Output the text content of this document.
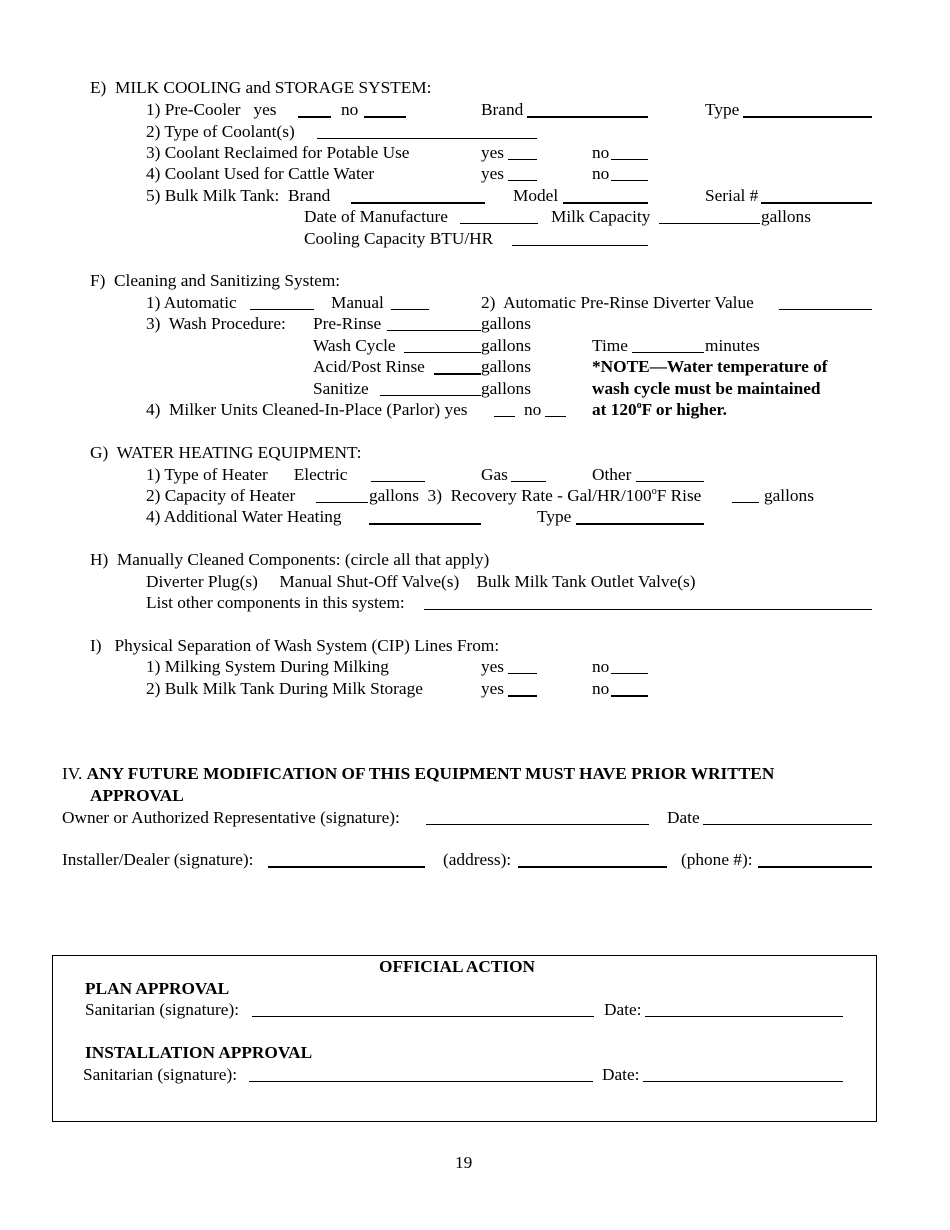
E)  MILK COOLING and STORAGE SYSTEM:
1) Pre-Cooler   yes	no	Brand	Type
2) Type of Coolant(s)
3) Coolant Reclaimed for Potable Use	yes	no
4) Coolant Used for Cattle Water	yes	no
5) Bulk Milk Tank:  Brand	Model	Serial #
Date of Manufacture	Milk Capacity	gallons
Cooling Capacity BTU/HR
F)  Cleaning and Sanitizing System:
1) Automatic	Manual	2)  Automatic Pre-Rinse Diverter Value
3)  Wash Procedure: Pre-Rinse	gallons
Wash Cycle	gallons	Time	minutes
Acid/Post Rinse	gallons	*NOTE—Water temperature of
Sanitize	gallons	wash cycle must be maintained
4)  Milker Units Cleaned-In-Place (Parlor) yes	no	at 120$^o$F or higher.
G)  WATER HEATING EQUIPMENT:
1) Type of Heater      Electric	Gas	Other
2) Capacity of Heater	gallons  3)  Recovery Rate - Gal/HR/100$^o$F Rise	gallons
4) Additional Water Heating	Type
H)  Manually Cleaned Components: (circle all that apply)
Diverter Plug(s)     Manual Shut-Off Valve(s)    Bulk Milk Tank Outlet Valve(s)
List other components in this system:
I)   Physical Separation of Wash System (CIP) Lines From:
1) Milking System During Milking	yes	no
2) Bulk Milk Tank During Milk Storage	yes	no
IV. ANY FUTURE MODIFICATION OF THIS EQUIPMENT MUST HAVE PRIOR WRITTEN
APPROVAL
Owner or Authorized Representative (signature):	Date
Installer/Dealer (signature):	(address):	(phone #):
OFFICIAL ACTION
PLAN APPROVAL
Sanitarian (signature):	Date:
INSTALLATION APPROVAL
Sanitarian (signature):	Date:
19
